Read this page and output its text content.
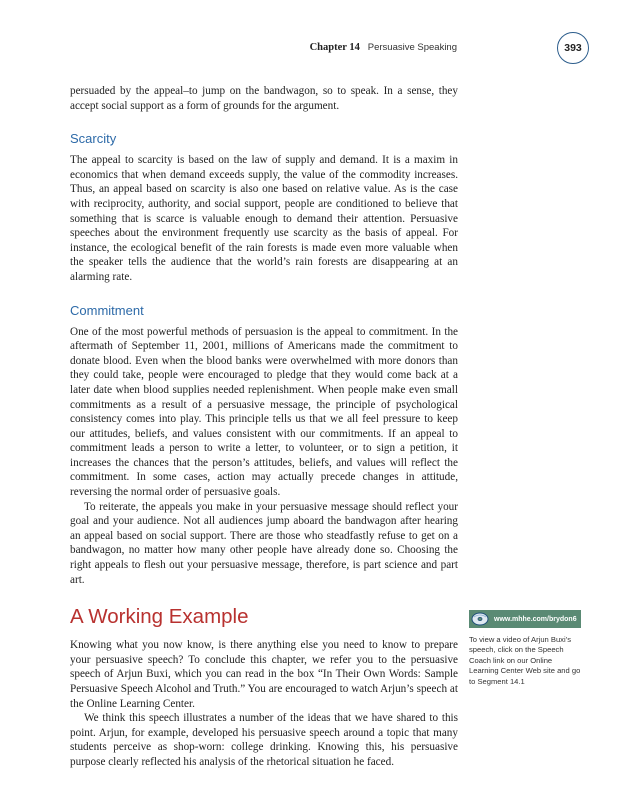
Chapter 14 Persuasive Speaking	393

persuaded by the appeal–to jump on the bandwagon, so to speak. In a sense, they accept social support as a form of grounds for the argument.

Scarcity

The appeal to scarcity is based on the law of supply and demand. It is a maxim in economics that when demand exceeds supply, the value of the commodity increases. Thus, an appeal based on scarcity is also one based on relative value. As is the case with reciprocity, authority, and social support, people are conditioned to believe that something that is scarce is valuable enough to demand their attention. Persuasive speeches about the environment frequently use scarcity as the basis of appeal. For instance, the ecological benefit of the rain forests is made even more valuable when the speaker tells the audience that the world’s rain forests are disappearing at an alarming rate.

Commitment

One of the most powerful methods of persuasion is the appeal to commitment. In the aftermath of September 11, 2001, millions of Americans made the commitment to donate blood. Even when the blood banks were overwhelmed with more donors than they could take, people were encouraged to pledge that they would come back at a later date when blood supplies needed replenishment. When people make even small commitments as a result of a persuasive message, the principle of psychological consistency comes into play. This principle tells us that we all feel pressure to keep our attitudes, beliefs, and values consistent with our commitments. If an appeal to commitment leads a person to write a letter, to volunteer, or to sign a petition, it increases the chances that the person’s attitudes, beliefs, and values will reflect the commitment. In some cases, action may actually precede changes in attitude, reversing the normal order of persuasive goals.

To reiterate, the appeals you make in your persuasive message should reflect your goal and your audience. Not all audiences jump aboard the bandwagon after hearing an appeal based on social support. There are those who steadfastly refuse to get on a bandwagon, no matter how many other people have already done so. Choosing the right appeals to flesh out your persuasive message, therefore, is part science and part art.

A Working Example

Knowing what you now know, is there anything else you need to know to prepare your persuasive speech? To conclude this chapter, we refer you to the persuasive speech of Arjun Buxi, which you can read in the box “In Their Own Words: Sample Persuasive Speech Alcohol and Truth.” You are encouraged to watch Arjun’s speech at the Online Learning Center.

We think this speech illustrates a number of the ideas that we have shared to this point. Arjun, for example, developed his persuasive speech around a topic that many students perceive as shop-worn: college drinking. Knowing this, his persuasive purpose clearly reflected his analysis of the rhetorical situation he faced.

www.mhhe.com/brydon6
To view a video of Arjun Buxi’s speech, click on the Speech Coach link on our Online Learning Center Web site and go to Segment 14.1
